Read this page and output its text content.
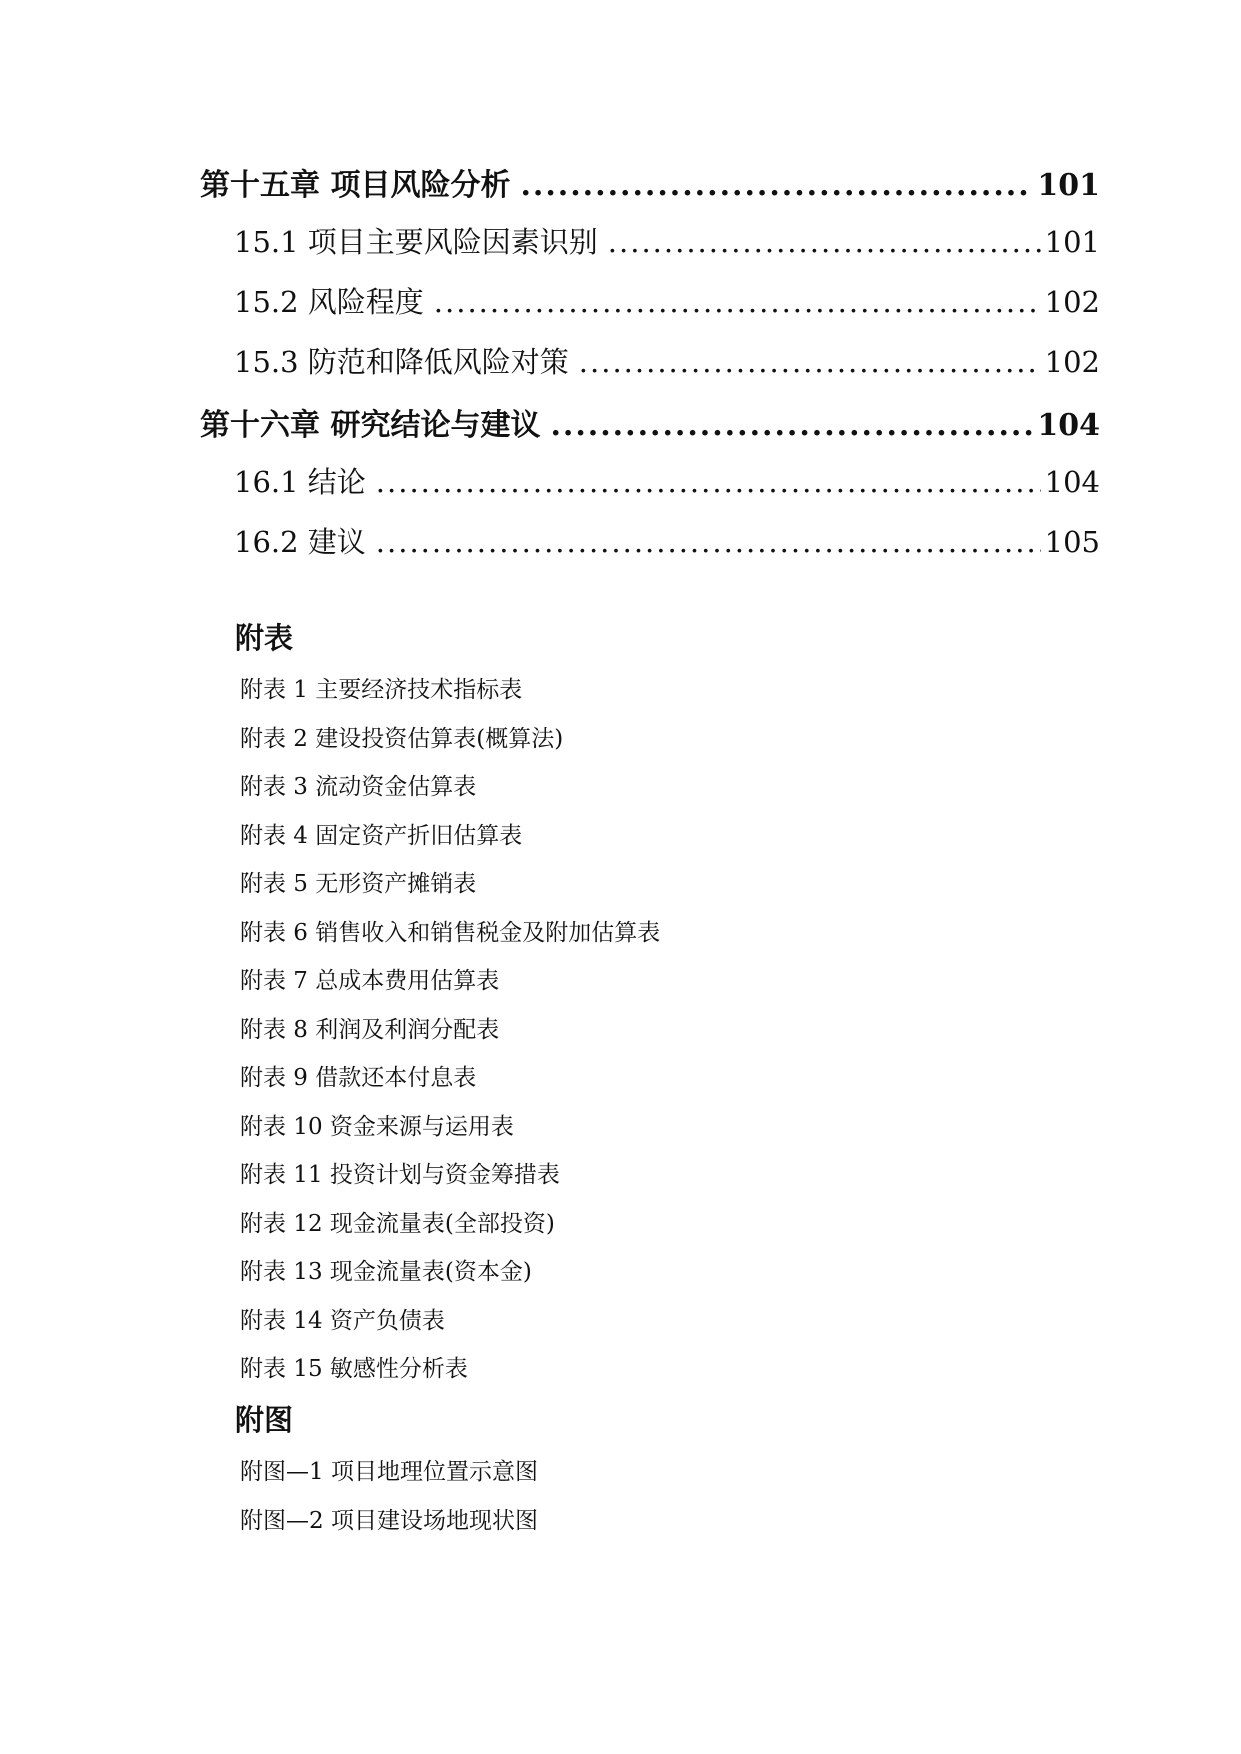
第十五章 项目风险分析 .....	101
15.1 项目主要风险因素识别 .....	101
15.2 风险程度 .....	102
15.3 防范和降低风险对策 .....	102
第十六章 研究结论与建议 .....	104
16.1 结论 .....	104
16.2 建议 .....	105
附表
附表 1 主要经济技术指标表
附表 2 建设投资估算表(概算法)
附表 3 流动资金估算表
附表 4 固定资产折旧估算表
附表 5 无形资产摊销表
附表 6 销售收入和销售税金及附加估算表
附表 7 总成本费用估算表
附表 8 利润及利润分配表
附表 9 借款还本付息表
附表 10 资金来源与运用表
附表 11 投资计划与资金筹措表
附表 12 现金流量表(全部投资)
附表 13 现金流量表(资本金)
附表 14 资产负债表
附表 15 敏感性分析表
附图
附图—1 项目地理位置示意图
附图—2 项目建设场地现状图
